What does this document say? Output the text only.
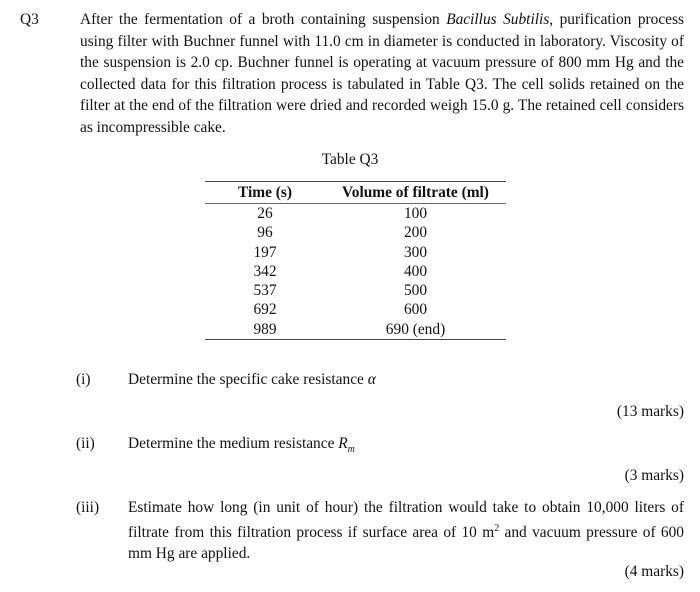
Q3	After the fermentation of a broth containing suspension Bacillus Subtilis, purification process using filter with Buchner funnel with 11.0 cm in diameter is conducted in laboratory. Viscosity of the suspension is 2.0 cp. Buchner funnel is operating at vacuum pressure of 800 mm Hg and the collected data for this filtration process is tabulated in Table Q3. The cell solids retained on the filter at the end of the filtration were dried and recorded weigh 15.0 g. The retained cell considers as incompressible cake.

Table Q3
Time (s)	Volume of filtrate (ml)
26	100
96	200
197	300
342	400
537	500
692	600
989	690 (end)
(i) Determine the specific cake resistance α

(13 marks)
(ii) Determine the medium resistance $R_m$

(3 marks)
(iii) Estimate how long (in unit of hour) the filtration would take to obtain 10,000 liters of filtrate from this filtration process if surface area of 10 $m^2$ and vacuum pressure of 600 mm Hg are applied.

(4 marks)
